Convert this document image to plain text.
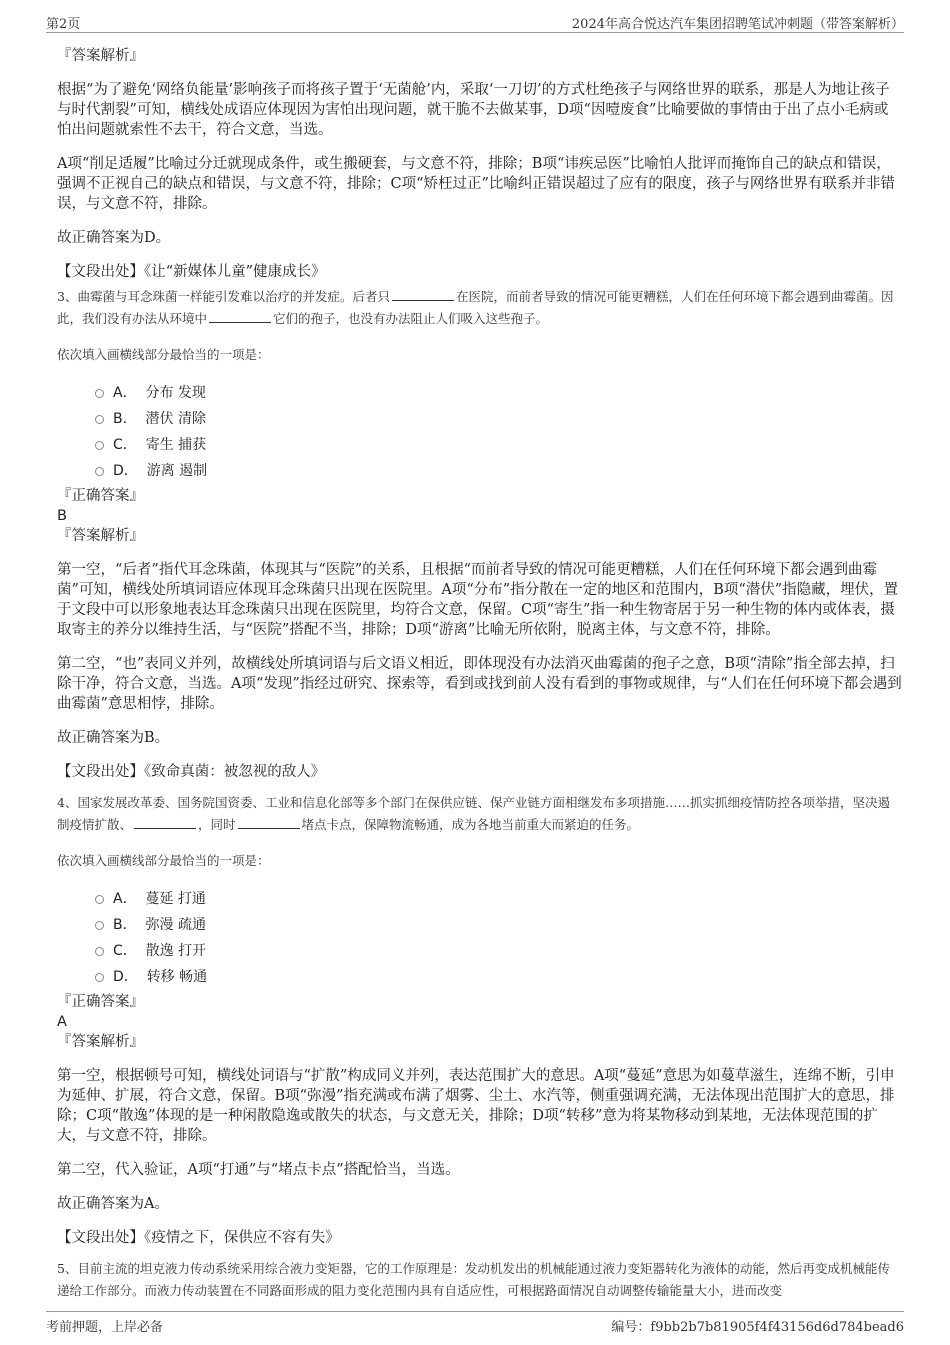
第2页	2024年高合悦达汽车集团招聘笔试冲刺题（带答案解析）

『答案解析』

根据“为了避免‘网络负能量’影响孩子而将孩子置于‘无菌舱’内，采取‘一刀切’的方式杜绝孩子与网络世界的联系，那是人为地让孩子与时代割裂”可知，横线处成语应体现因为害怕出现问题，就干脆不去做某事，D项“因噎废食”比喻要做的事情由于出了点小毛病或怕出问题就索性不去干，符合文意，当选。

A项“削足适履”比喻过分迁就现成条件，或生搬硬套，与文意不符，排除；B项“讳疾忌医”比喻怕人批评而掩饰自己的缺点和错误，强调不正视自己的缺点和错误，与文意不符，排除；C项“矫枉过正”比喻纠正错误超过了应有的限度，孩子与网络世界有联系并非错误，与文意不符，排除。

故正确答案为D。

【文段出处】《让“新媒体儿童”健康成长》

3、曲霉菌与耳念珠菌一样能引发难以治疗的并发症。后者只	在医院，而前者导致的情况可能更糟糕，人们在任何环境下都会遇到曲霉菌。因此，我们没有办法从环境中	它们的孢子，也没有办法阻止人们吸入这些孢子。

依次填入画横线部分最恰当的一项是：

A．
分布 发现
B．
潜伏 清除
C．
寄生 捕获
D．
游离 遏制

『正确答案』

B

『答案解析』

第一空，“后者”指代耳念珠菌，体现其与“医院”的关系，且根据“而前者导致的情况可能更糟糕，人们在任何环境下都会遇到曲霉菌”可知，横线处所填词语应体现耳念珠菌只出现在医院里。A项“分布”指分散在一定的地区和范围内，B项“潜伏”指隐藏，埋伏，置于文段中可以形象地表达耳念珠菌只出现在医院里，均符合文意，保留。C项“寄生”指一种生物寄居于另一种生物的体内或体表，摄取寄主的养分以维持生活，与“医院”搭配不当，排除；D项“游离”比喻无所依附，脱离主体，与文意不符，排除。

第二空，“也”表同义并列，故横线处所填词语与后文语义相近，即体现没有办法消灭曲霉菌的孢子之意，B项“清除”指全部去掉，扫除干净，符合文意，当选。A项“发现”指经过研究、探索等，看到或找到前人没有看到的事物或规律，与“人们在任何环境下都会遇到曲霉菌”意思相悖，排除。

故正确答案为B。

【文段出处】《致命真菌：被忽视的敌人》

4、国家发展改革委、国务院国资委、工业和信息化部等多个部门在保供应链、保产业链方面相继发布多项措施……抓实抓细疫情防控各项举措，坚决遏制疫情扩散、	，同时	堵点卡点，保障物流畅通，成为各地当前重大而紧迫的任务。

依次填入画横线部分最恰当的一项是：

A．
蔓延 打通
B．
弥漫 疏通
C．
散逸 打开
D．
转移 畅通

『正确答案』

A

『答案解析』

第一空，根据顿号可知，横线处词语与“扩散”构成同义并列，表达范围扩大的意思。A项“蔓延”意思为如蔓草滋生，连绵不断，引申为延伸、扩展，符合文意，保留。B项“弥漫”指充满或布满了烟雾、尘土、水汽等，侧重强调充满，无法体现出范围扩大的意思，排除；C项“散逸”体现的是一种闲散隐逸或散失的状态，与文意无关，排除；D项“转移”意为将某物移动到某地，无法体现范围的扩大，与文意不符，排除。

第二空，代入验证，A项“打通”与“堵点卡点”搭配恰当，当选。

故正确答案为A。

【文段出处】《疫情之下，保供应不容有失》

5、目前主流的坦克液力传动系统采用综合液力变矩器，它的工作原理是：发动机发出的机械能通过液力变矩器转化为液体的动能，然后再变成机械能传递给工作部分。而液力传动装置在不同路面形成的阻力变化范围内具有自适应性，可根据路面情况自动调整传输能量大小，进而改变

考前押题，上岸必备	编号：f9bb2b7b81905f4f43156d6d784bead6
